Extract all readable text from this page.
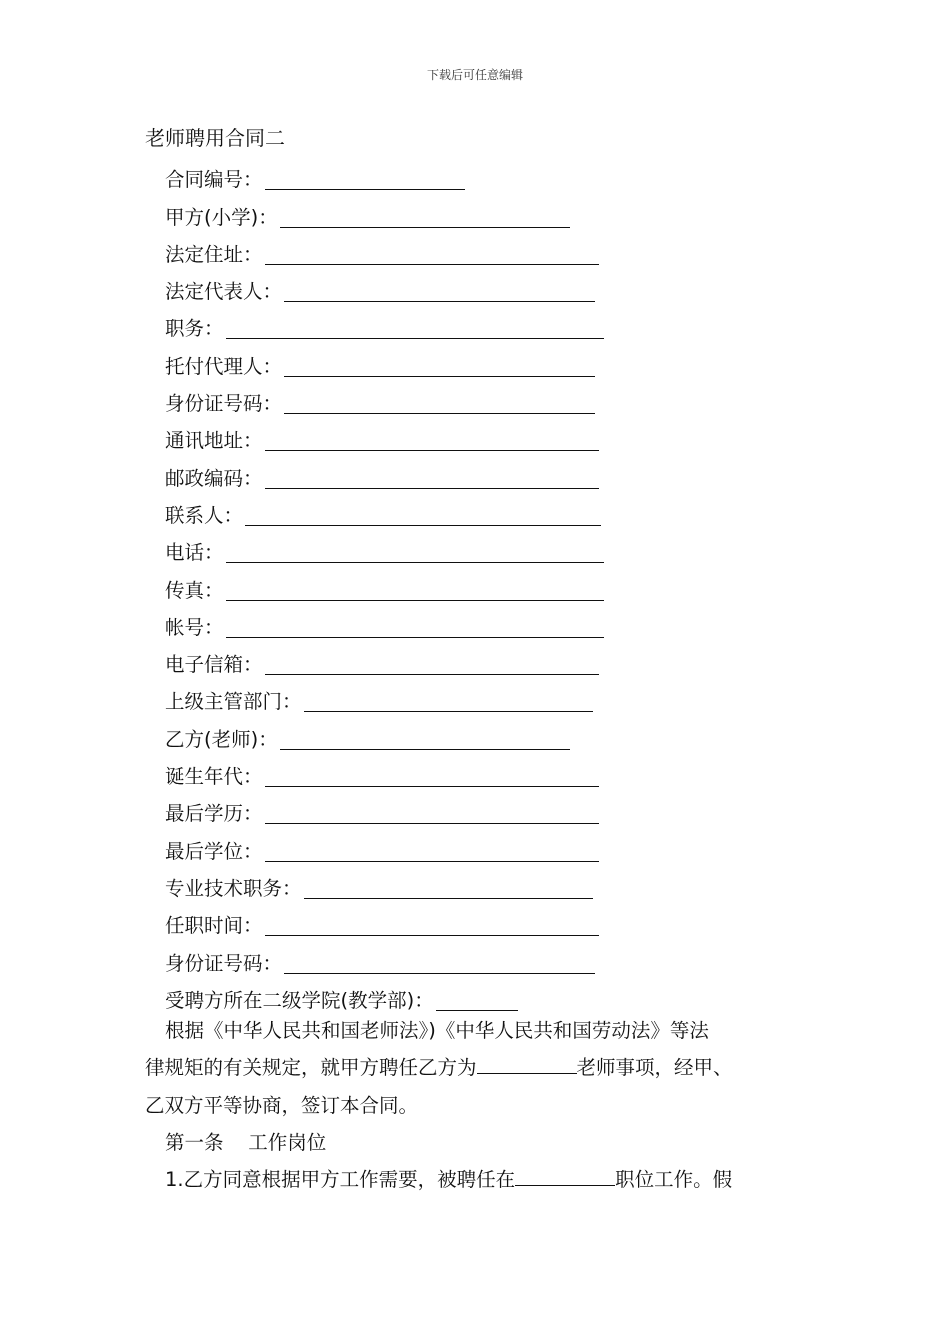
下载后可任意编辑
老师聘用合同二
合同编号：
甲方(小学)：
法定住址：
法定代表人：
职务：
托付代理人：
身份证号码：
通讯地址：
邮政编码：
联系人：
电话：
传真：
帐号：
电子信箱：
上级主管部门：
乙方(老师)：
诞生年代：
最后学历：
最后学位：
专业技术职务：
任职时间：
身份证号码：
受聘方所在二级学院(教学部)：

根据《中华人民共和国老师法》)《中华人民共和国劳动法》等法

律规矩的有关规定，就甲方聘任乙方为	老师事项，经甲、

乙双方平等协商，签订本合同。

第一条    工作岗位

1.乙方同意根据甲方工作需要，被聘任在	职位工作。假
